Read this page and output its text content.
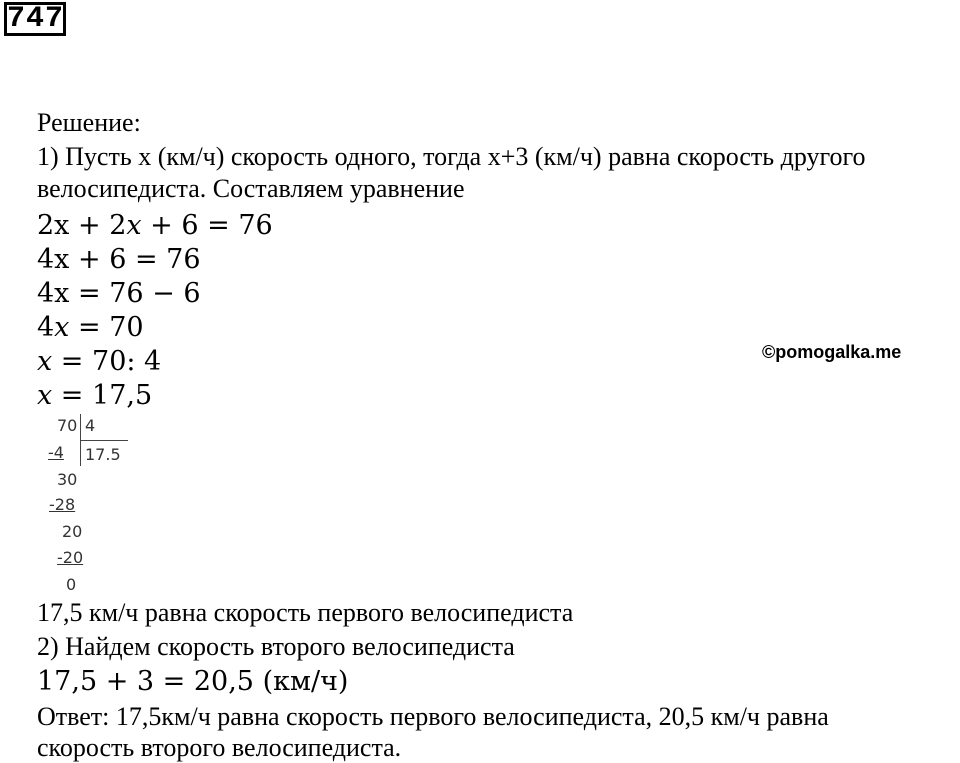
747
Решение:
1) Пусть x (км/ч) скорость одного, тогда x+3 (км/ч) равна скорость другого
велосипедиста. Составляем уравнение
2x + 2𝑥 + 6 = 76
4x + 6 = 76
4x = 76 − 6
4𝑥 = 70
𝑥 = 70: 4
𝑥 = 17,5
©pomogalka.me
70 4
-4 17.5
30
-28
20
-20
0
17,5 км/ч равна скорость первого велосипедиста
2) Найдем скорость второго велосипедиста
17,5 + 3 = 20,5 (км/ч)
Ответ: 17,5км/ч равна скорость первого велосипедиста, 20,5 км/ч равна
скорость второго велосипедиста.
